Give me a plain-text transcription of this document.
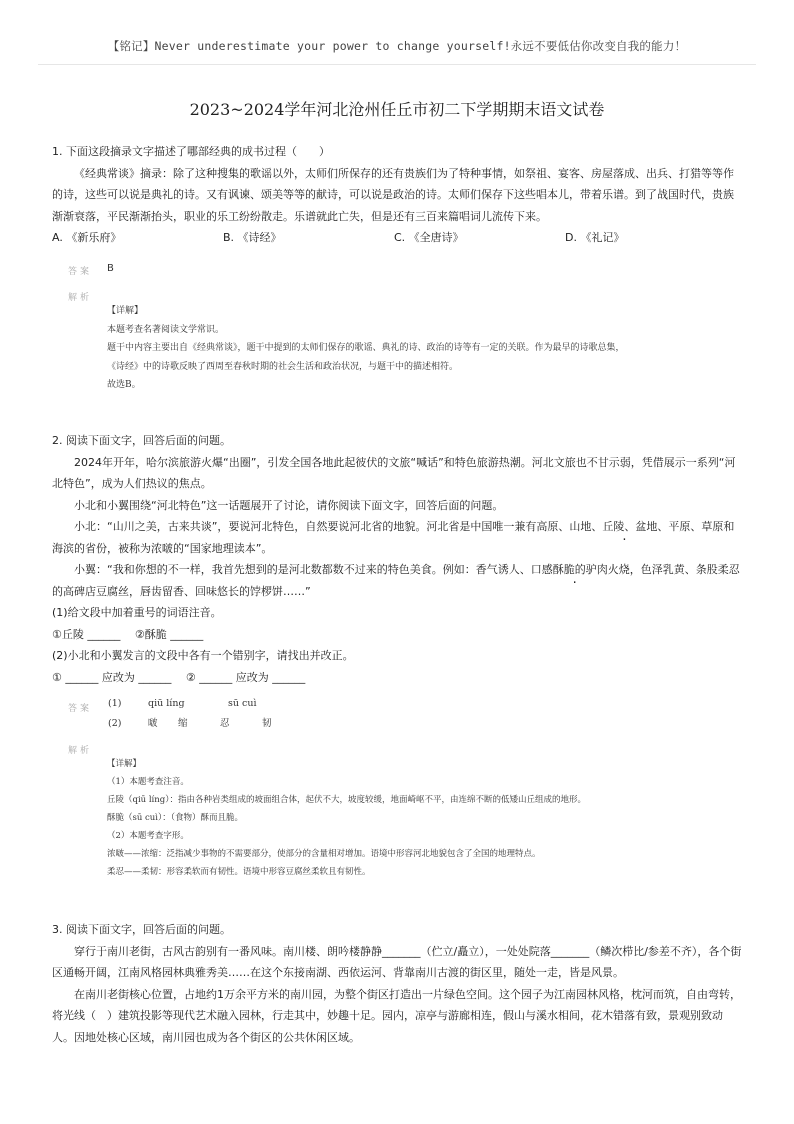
【铭记】Never underestimate your power to change yourself!永远不要低估你改变自我的能力！
2023~2024学年河北沧州任丘市初二下学期期末语文试卷

1. 下面这段摘录文字描述了哪部经典的成书过程（　　）

《经典常谈》摘录：除了这种搜集的歌谣以外，太师们所保存的还有贵族们为了特种事情，如祭祖、宴客、房屋落成、出兵、打猎等等作的诗，这些可以说是典礼的诗。又有讽谏、颂美等等的献诗，可以说是政治的诗。太师们保存下这些唱本儿，带着乐谱。到了战国时代，贵族渐渐衰落，平民渐渐抬头，职业的乐工纷纷散走。乐谱就此亡失，但是还有三百来篇唱词儿流传下来。

A. 《新乐府》	B. 《诗经》	C. 《全唐诗》	D. 《礼记》
答案 B
解析

【详解】

本题考查名著阅读文学常识。

题干中内容主要出自《经典常谈》，题干中提到的太师们保存的歌谣、典礼的诗、政治的诗等有一定的关联。作为最早的诗歌总集，

《诗经》中的诗歌反映了西周至春秋时期的社会生活和政治状况，与题干中的描述相符。

故选B。

2. 阅读下面文字，回答后面的问题。

2024年开年，哈尔滨旅游火爆“出圈”，引发全国各地此起彼伏的文旅“喊话”和特色旅游热潮。河北文旅也不甘示弱，凭借展示一系列“河北特色”，成为人们热议的焦点。

小北和小翼围绕“河北特色”这一话题展开了讨论，请你阅读下面文字，回答后面的问题。

小北：“山川之美，古来共谈”，要说河北特色，自然要说河北省的地貌。河北省是中国唯一兼有高原、山地、丘陵、盆地、平原、草原和海滨的省份，被称为浓啵的“国家地理读本”。

小翼：“我和你想的不一样，我首先想到的是河北数都数不过来的特色美食。例如：香气诱人、口感酥脆的驴肉火烧，色泽乳黄、条股柔忍的高碑店豆腐丝，唇齿留香、回味悠长的饽椤饼……”

(1)给文段中加着重号的词语注音。

①丘陵 ______　 ②酥脆 ______

(2)小北和小翼发言的文段中各有一个错别字，请找出并改正。

① ______ 应改为 ______　 ② ______ 应改为 ______

答案 (1)	qiū líng	sū cuì
(2)	啵	缩	忍	韧
解析

【详解】

（1）本题考查注音。

丘陵（qiū líng）：指由各种岩类组成的坡面组合体，起伏不大，坡度较缓，地面崎岖不平，由连绵不断的低矮山丘组成的地形。

酥脆（sū cuì）：（食物）酥而且脆。

（2）本题考查字形。

浓啵——浓缩：泛指减少事物的不需要部分，使部分的含量相对增加。语境中形容河北地貌包含了全国的地理特点。

柔忍——柔韧：形容柔软而有韧性。语境中形容豆腐丝柔软且有韧性。

3. 阅读下面文字，回答后面的问题。

穿行于南川老街，古风古韵别有一番风味。南川楼、朗吟楼静静_______（伫立/矗立），一处处院落_______（鳞次栉比/参差不齐），各个街区通畅开阔，江南风格园林典雅秀美……在这个东接南湖、西依运河、背靠南川古渡的街区里，随处一走，皆是风景。

在南川老街核心位置，占地约1万余平方米的南川园，为整个街区打造出一片绿色空间。这个园子为江南园林风格，枕河而筑，自由弯转，将光线（　）建筑投影等现代艺术融入园林，行走其中，妙趣十足。园内，凉亭与游廊相连，假山与溪水相间，花木错落有致，景观别致动人。因地处核心区域，南川园也成为各个街区的公共休闲区域。
